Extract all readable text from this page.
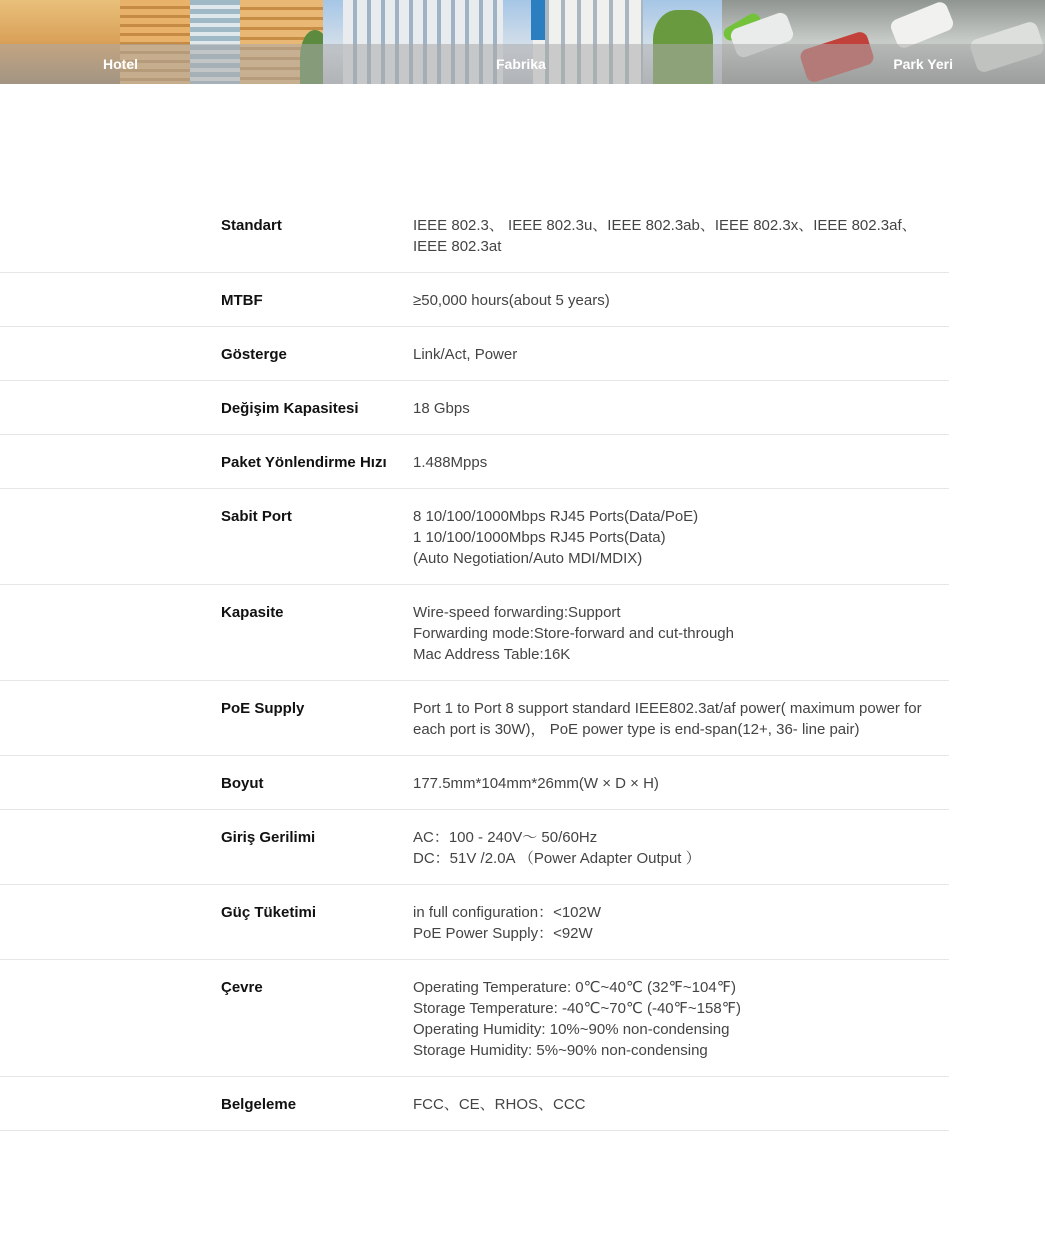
Hotel	Fabrika	Park Yeri
Standart	IEEE 802.3、 IEEE 802.3u、IEEE 802.3ab、IEEE 802.3x、IEEE 802.3af、IEEE 802.3at
MTBF	≥50,000 hours(about 5 years)
Gösterge	Link/Act, Power
Değişim Kapasitesi	18 Gbps
Paket Yönlendirme Hızı	1.488Mpps
Sabit Port	8 10/100/1000Mbps RJ45 Ports(Data/PoE)
1 10/100/1000Mbps RJ45 Ports(Data)
(Auto Negotiation/Auto MDI/MDIX)
Kapasite	Wire-speed forwarding:Support
Forwarding mode:Store-forward and cut-through
Mac Address Table:16K
PoE Supply	Port 1 to Port 8 support standard IEEE802.3at/af power( maximum power for each port is 30W)， PoE power type is end-span(12+, 36- line pair)
Boyut	177.5mm*104mm*26mm(W × D × H)
Giriş Gerilimi	AC：100 - 240V～ 50/60Hz
DC：51V /2.0A （Power Adapter Output ）
Güç Tüketimi	in full configuration：<102W
PoE Power Supply：<92W
Çevre	Operating Temperature: 0℃~40℃ (32℉~104℉)
Storage Temperature: -40℃~70℃ (-40℉~158℉)
Operating Humidity: 10%~90% non-condensing
Storage Humidity: 5%~90% non-condensing
Belgeleme	FCC、CE、RHOS、CCC
